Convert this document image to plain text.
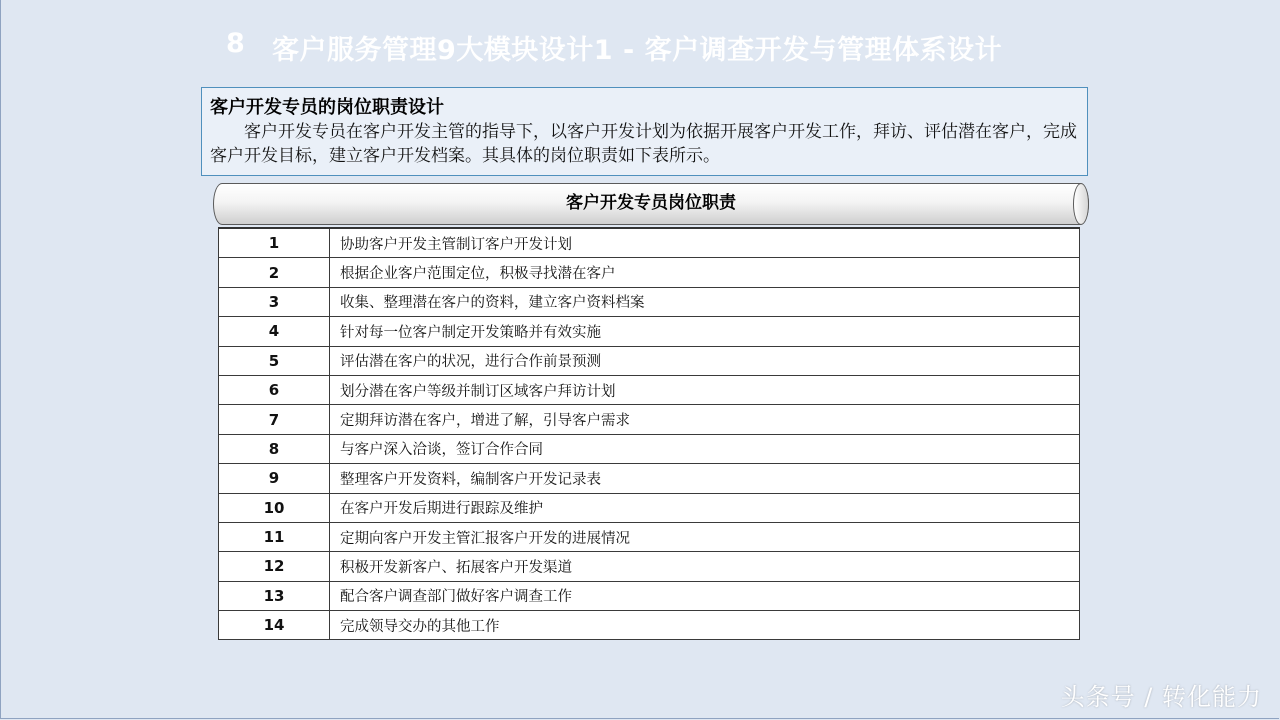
8 客户服务管理9大模块设计1 - 客户调查开发与管理体系设计
客户开发专员的岗位职责设计
客户开发专员在客户开发主管的指导下，以客户开发计划为依据开展客户开发工作，拜访、评估潜在客户，完成客户开发目标，建立客户开发档案。其具体的岗位职责如下表所示。
客户开发专员岗位职责
1	协助客户开发主管制订客户开发计划
2	根据企业客户范围定位，积极寻找潜在客户
3	收集、整理潜在客户的资料，建立客户资料档案
4	针对每一位客户制定开发策略并有效实施
5	评估潜在客户的状况，进行合作前景预测
6	划分潜在客户等级并制订区域客户拜访计划
7	定期拜访潜在客户，增进了解，引导客户需求
8	与客户深入洽谈，签订合作合同
9	整理客户开发资料，编制客户开发记录表
10	在客户开发后期进行跟踪及维护
11	定期向客户开发主管汇报客户开发的进展情况
12	积极开发新客户、拓展客户开发渠道
13	配合客户调查部门做好客户调查工作
14	完成领导交办的其他工作
头条号 / 转化能力
